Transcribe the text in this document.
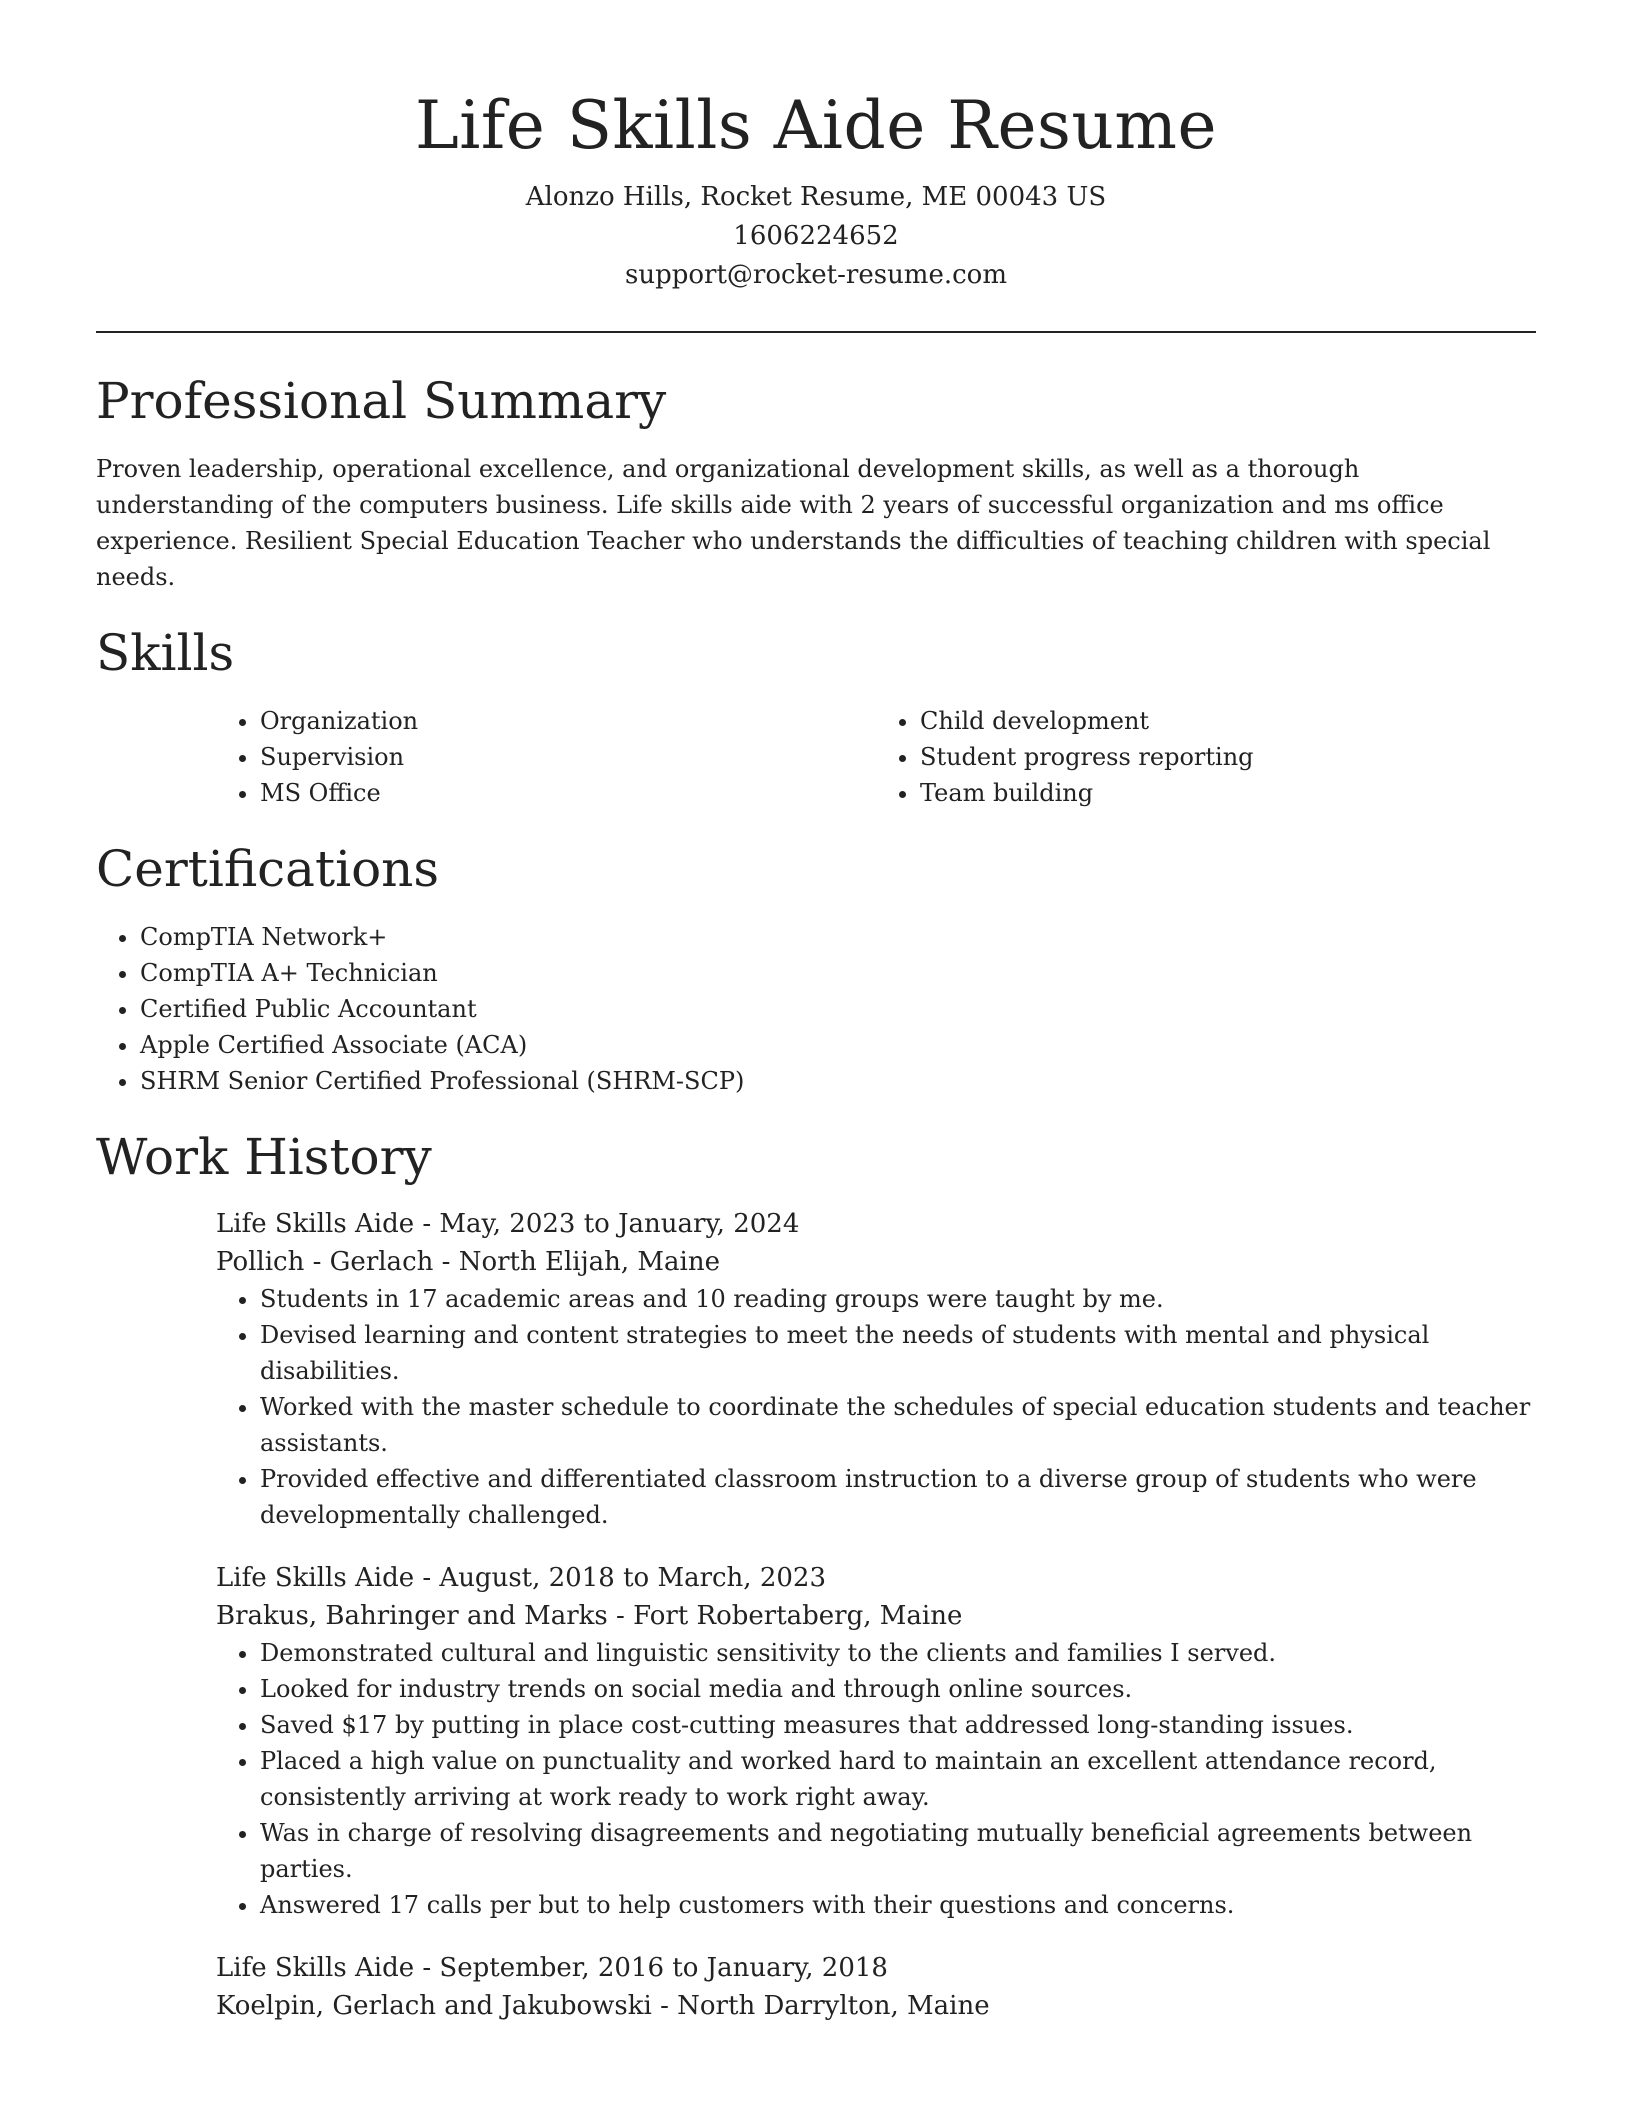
Life Skills Aide Resume
Alonzo Hills, Rocket Resume, ME 00043 US
1606224652
support@rocket-resume.com
Professional Summary

Proven leadership, operational excellence, and organizational development skills, as well as a thorough understanding of the computers business. Life skills aide with 2 years of successful organization and ms office experience. Resilient Special Education Teacher who understands the difficulties of teaching children with special needs.

Skills
• Organization
• Supervision
• MS Office
• Child development
• Student progress reporting
• Team building
Certifications
• CompTIA Network+
• CompTIA A+ Technician
• Certified Public Accountant
• Apple Certified Associate (ACA)
• SHRM Senior Certified Professional (SHRM-SCP)
Work History
Life Skills Aide - May, 2023 to January, 2024
Pollich - Gerlach - North Elijah, Maine
• Students in 17 academic areas and 10 reading groups were taught by me.
• Devised learning and content strategies to meet the needs of students with mental and physical disabilities.
• Worked with the master schedule to coordinate the schedules of special education students and teacher assistants.
• Provided effective and differentiated classroom instruction to a diverse group of students who were developmentally challenged.
Life Skills Aide - August, 2018 to March, 2023
Brakus, Bahringer and Marks - Fort Robertaberg, Maine
• Demonstrated cultural and linguistic sensitivity to the clients and families I served.
• Looked for industry trends on social media and through online sources.
• Saved $17 by putting in place cost-cutting measures that addressed long-standing issues.
• Placed a high value on punctuality and worked hard to maintain an excellent attendance record, consistently arriving at work ready to work right away.
• Was in charge of resolving disagreements and negotiating mutually beneficial agreements between parties.
• Answered 17 calls per but to help customers with their questions and concerns.
Life Skills Aide - September, 2016 to January, 2018
Koelpin, Gerlach and Jakubowski - North Darrylton, Maine
